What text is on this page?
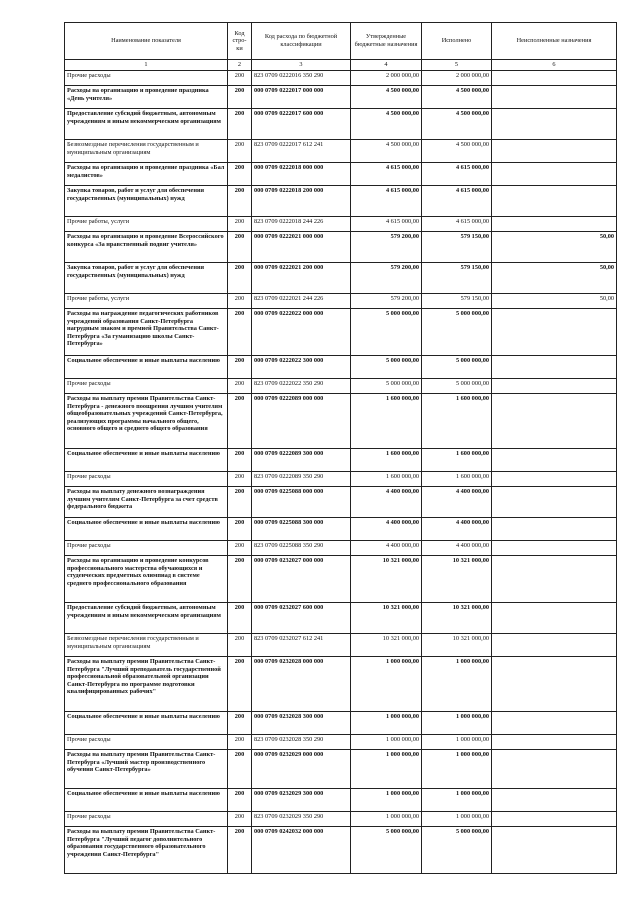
Наименование показателя	Код стро-ки	Код расхода по бюджетной классификации	Утвержденные бюджетные назначения	Исполнено	Неисполненные назначения
1	2	3	4	5	6
Прочие расходы	200	823 0709 0222016 350 290	2 000 000,00	2 000 000,00	
Расходы на организацию и проведение праздника «День учителя»	200	000 0709 0222017 000 000	4 500 000,00	4 500 000,00	
Предоставление субсидий бюджетным, автономным учреждениям и иным некоммерческим организациям	200	000 0709 0222017 600 000	4 500 000,00	4 500 000,00	
Безвозмездные перечисления государственным и муниципальным организациям	200	823 0709 0222017 612 241	4 500 000,00	4 500 000,00	
Расходы на организацию и проведение праздника «Бал медалистов»	200	000 0709 0222018 000 000	4 615 000,00	4 615 000,00	
Закупка товаров, работ и услуг для обеспечения государственных (муниципальных) нужд	200	000 0709 0222018 200 000	4 615 000,00	4 615 000,00	
Прочие работы, услуги	200	823 0709 0222018 244 226	4 615 000,00	4 615 000,00	
Расходы на организацию и проведение Всероссийского конкурса «За нравственный подвиг учителя»	200	000 0709 0222021 000 000	579 200,00	579 150,00	50,00
Закупка товаров, работ и услуг для обеспечения государственных (муниципальных) нужд	200	000 0709 0222021 200 000	579 200,00	579 150,00	50,00
Прочие работы, услуги	200	823 0709 0222021 244 226	579 200,00	579 150,00	50,00
Расходы на награждение педагогических работников учреждений образования Санкт-Петербурга нагрудным знаком и премией Правительства Санкт-Петербурга «За гуманизацию школы Санкт-Петербурга»	200	000 0709 0222022 000 000	5 000 000,00	5 000 000,00	
Социальное обеспечение и иные выплаты населению	200	000 0709 0222022 300 000	5 000 000,00	5 000 000,00	
Прочие расходы	200	823 0709 0222022 350 290	5 000 000,00	5 000 000,00	
Расходы на выплату премии Правительства Санкт-Петербурга - денежного поощрения лучшим учителям общеобразовательных учреждений Санкт-Петербурга, реализующих программы начального общего, основного общего и среднего общего образования	200	000 0709 0222089 000 000	1 600 000,00	1 600 000,00	
Социальное обеспечение и иные выплаты населению	200	000 0709 0222089 300 000	1 600 000,00	1 600 000,00	
Прочие расходы	200	823 0709 0222089 350 290	1 600 000,00	1 600 000,00	
Расходы на выплату денежного вознаграждения лучшим учителям Санкт-Петербурга за счет средств федерального бюджета	200	000 0709 0225088 000 000	4 400 000,00	4 400 000,00	
Социальное обеспечение и иные выплаты населению	200	000 0709 0225088 300 000	4 400 000,00	4 400 000,00	
Прочие расходы	200	823 0709 0225088 350 290	4 400 000,00	4 400 000,00	
Расходы на организацию и проведение конкурсов профессионального мастерства обучающихся и студенческих предметных олимпиад в системе среднего профессионального образования	200	000 0709 0232027 000 000	10 321 000,00	10 321 000,00	
Предоставление субсидий бюджетным, автономным учреждениям и иным некоммерческим организациям	200	000 0709 0232027 600 000	10 321 000,00	10 321 000,00	
Безвозмездные перечисления государственным и муниципальным организациям	200	823 0709 0232027 612 241	10 321 000,00	10 321 000,00	
Расходы на выплату премии Правительства Санкт-Петербурга "Лучший преподаватель государственной профессиональной образовательной организации Санкт-Петербурга по программе подготовки квалифицированных рабочих"	200	000 0709 0232028 000 000	1 000 000,00	1 000 000,00	
Социальное обеспечение и иные выплаты населению	200	000 0709 0232028 300 000	1 000 000,00	1 000 000,00	
Прочие расходы	200	823 0709 0232028 350 290	1 000 000,00	1 000 000,00	
Расходы на выплату премии Правительства Санкт-Петербурга «Лучший мастер производственного обучения Санкт-Петербурга»	200	000 0709 0232029 000 000	1 000 000,00	1 000 000,00	
Социальное обеспечение и иные выплаты населению	200	000 0709 0232029 300 000	1 000 000,00	1 000 000,00	
Прочие расходы	200	823 0709 0232029 350 290	1 000 000,00	1 000 000,00	
Расходы на выплату премии Правительства Санкт-Петербурга "Лучший педагог дополнительного образования государственного образовательного учреждения Санкт-Петербурга"	200	000 0709 0242032 000 000	5 000 000,00	5 000 000,00	
